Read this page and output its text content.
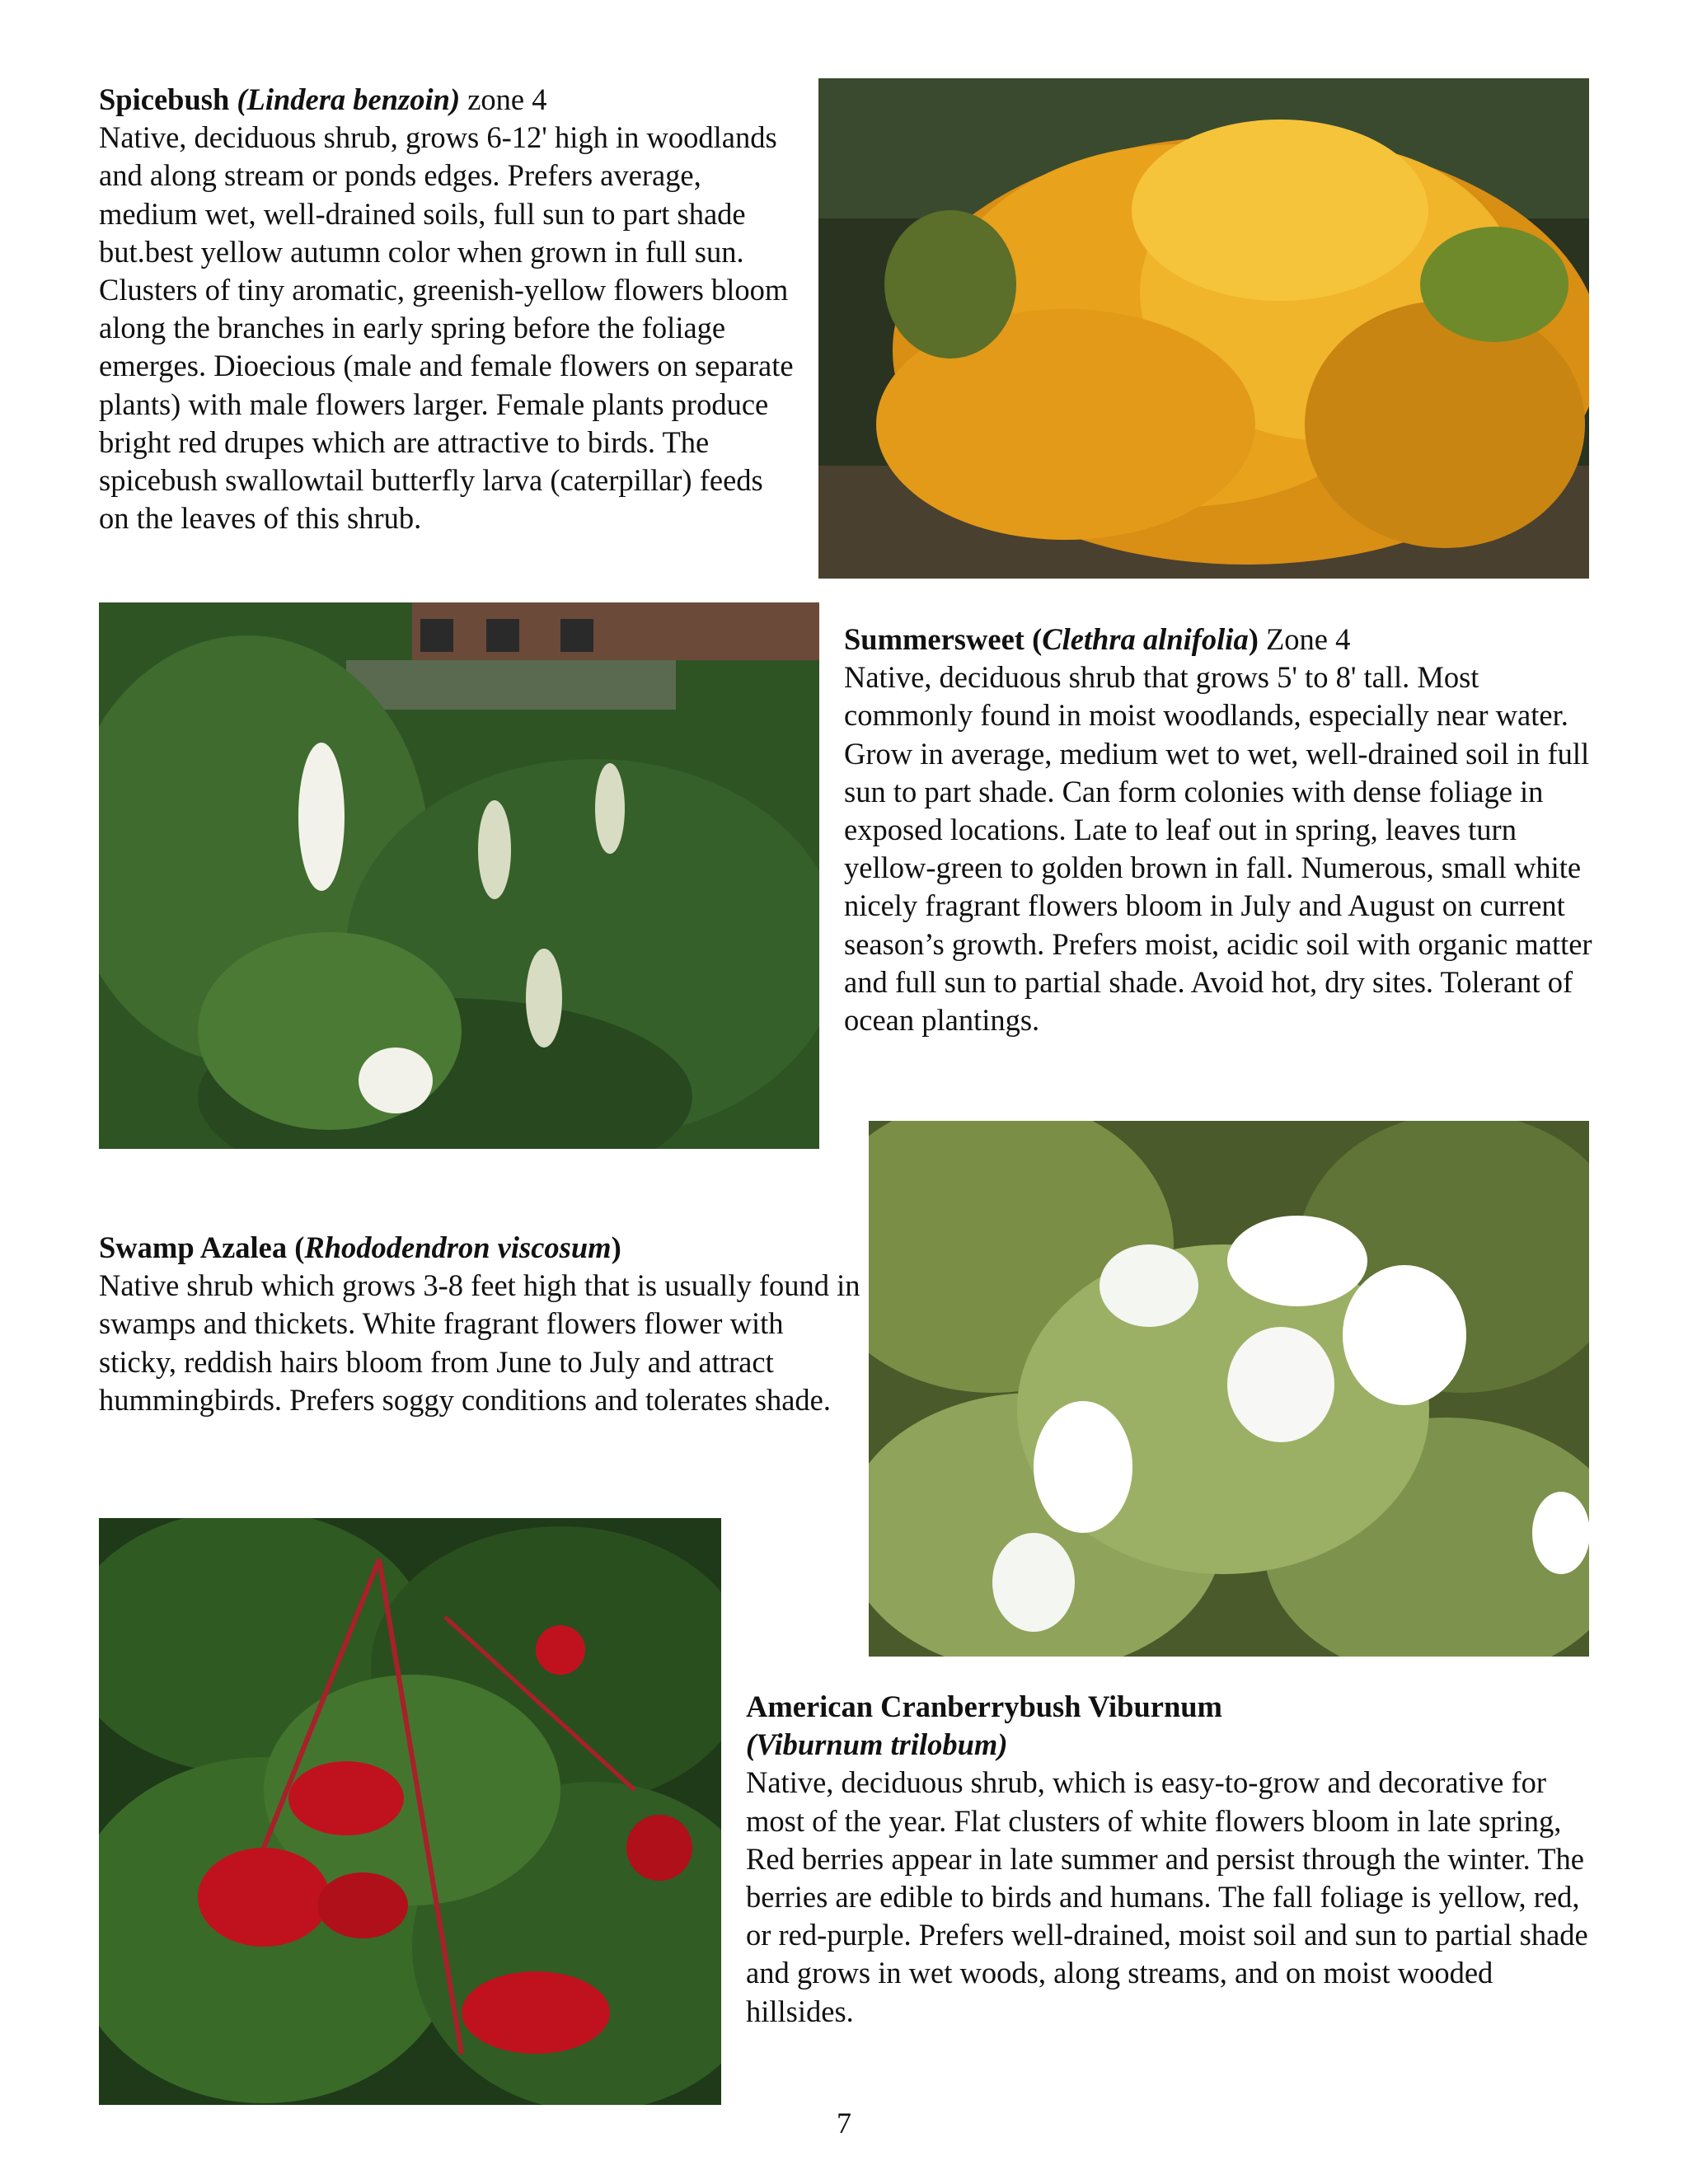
Spicebush (Lindera benzoin) zone 4

Native, deciduous shrub, grows 6-12' high in woodlands and along stream or ponds edges. Prefers average, medium wet, well-drained soils, full sun to part shade but.best yellow autumn color when grown in full sun. Clusters of tiny aromatic, greenish-yellow flowers bloom along the branches in early spring before the foliage emerges. Dioecious (male and female flowers on separate plants) with male flowers larger. Female plants produce bright red drupes which are attractive to birds. The spicebush swallowtail butterfly larva (caterpillar) feeds on the leaves of this shrub.

Summersweet (Clethra alnifolia) Zone 4

Native, deciduous shrub that grows 5' to 8' tall. Most commonly found in moist woodlands, especially near water. Grow in average, medium wet to wet, well-drained soil in full sun to part shade. Can form colonies with dense foliage in exposed locations. Late to leaf out in spring, leaves turn yellow-green to golden brown in fall. Numerous, small white nicely fragrant flowers bloom in July and August on current season’s growth. Prefers moist, acidic soil with organic matter and full sun to partial shade. Avoid hot, dry sites. Tolerant of ocean plantings.

Swamp Azalea (Rhododendron viscosum)

Native shrub which grows 3-8 feet high that is usually found in swamps and thickets. White fragrant flowers flower with sticky, reddish hairs bloom from June to July and attract hummingbirds. Prefers soggy conditions and tolerates shade.

American Cranberrybush Viburnum
(Viburnum trilobum)

Native, deciduous shrub, which is easy-to-grow and decorative for most of the year. Flat clusters of white flowers bloom in late spring, Red berries appear in late summer and persist through the winter. The berries are edible to birds and humans. The fall foliage is yellow, red, or red-purple. Prefers well-drained, moist soil and sun to partial shade and grows in wet woods, along streams, and on moist wooded hillsides.

7
